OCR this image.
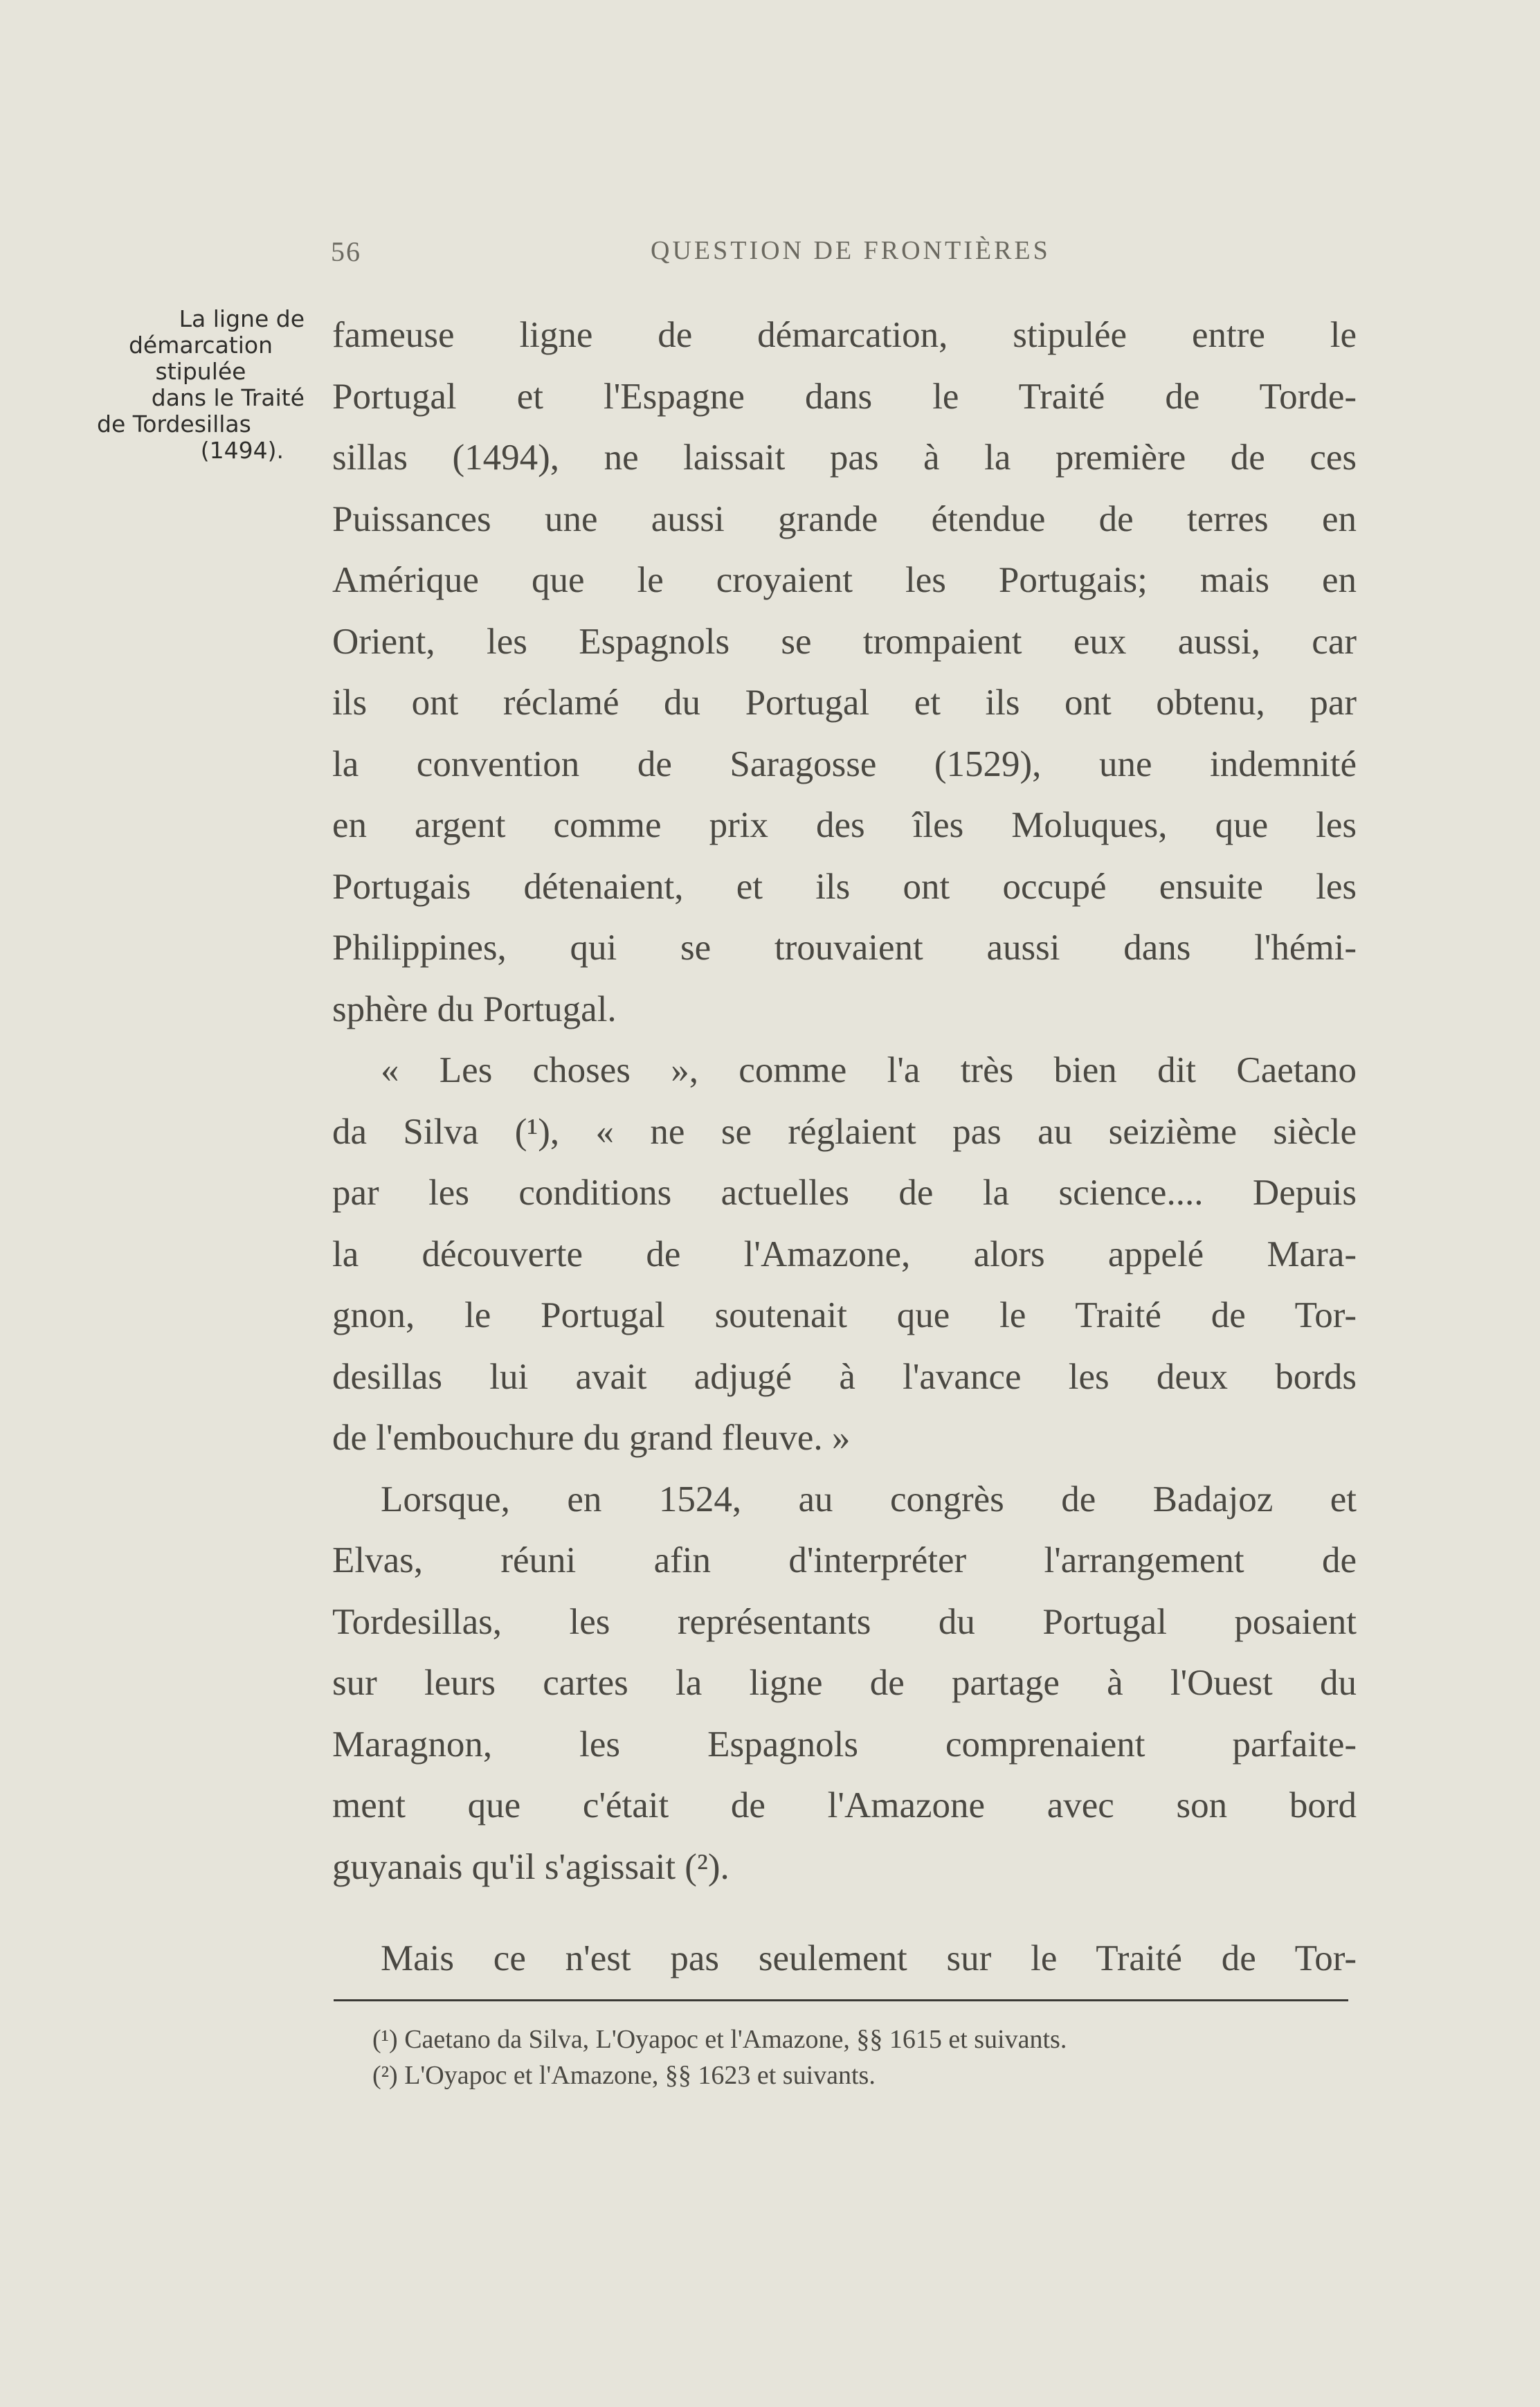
56	QUESTION DE FRONTIÈRES
La ligne de
démarcation
stipulée
dans le Traité
de Tordesillas
(1494).
fameuse ligne de démarcation, stipulée entre le
Portugal et l'Espagne dans le Traité de Torde-
sillas (1494), ne laissait pas à la première de ces
Puissances une aussi grande étendue de terres en
Amérique que le croyaient les Portugais; mais en
Orient, les Espagnols se trompaient eux aussi, car
ils ont réclamé du Portugal et ils ont obtenu, par
la convention de Saragosse (1529), une indemnité
en argent comme prix des îles Moluques, que les
Portugais détenaient, et ils ont occupé ensuite les
Philippines, qui se trouvaient aussi dans l'hémi-
sphère du Portugal.
« Les choses », comme l'a très bien dit Caetano
da Silva (¹), « ne se réglaient pas au seizième siècle
par les conditions actuelles de la science.... Depuis
la découverte de l'Amazone, alors appelé Mara-
gnon, le Portugal soutenait que le Traité de Tor-
desillas lui avait adjugé à l'avance les deux bords
de l'embouchure du grand fleuve. »
Lorsque, en 1524, au congrès de Badajoz et
Elvas, réuni afin d'interpréter l'arrangement de
Tordesillas, les représentants du Portugal posaient
sur leurs cartes la ligne de partage à l'Ouest du
Maragnon, les Espagnols comprenaient parfaite-
ment que c'était de l'Amazone avec son bord
guyanais qu'il s'agissait (²).
Mais ce n'est pas seulement sur le Traité de Tor-
(¹) Caetano da Silva, L'Oyapoc et l'Amazone, §§ 1615 et suivants.
(²) L'Oyapoc et l'Amazone, §§ 1623 et suivants.
